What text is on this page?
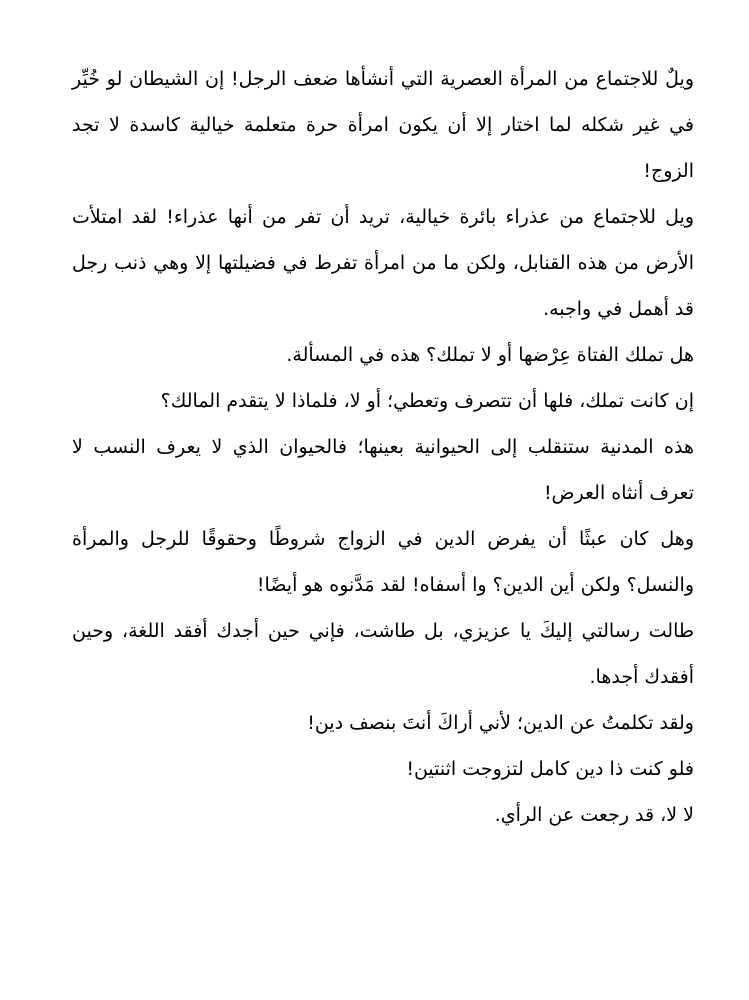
ويلٌ للاجتماع من المرأة العصرية التي أنشأها ضعف الرجل! إن الشيطان لو خُيِّر في غير شكله لما اختار إلا أن يكون امرأة حرة متعلمة خيالية كاسدة لا تجد الزوج!

ويل للاجتماع من عذراء بائرة خيالية، تريد أن تفر من أنها عذراء! لقد امتلأت الأرض من هذه القنابل، ولكن ما من امرأة تفرط في فضيلتها إلا وهي ذنب رجل قد أهمل في واجبه.

هل تملك الفتاة عِرْضها أو لا تملك؟ هذه في المسألة.

إن كانت تملك، فلها أن تتصرف وتعطي؛ أو لا، فلماذا لا يتقدم المالك؟

هذه المدنية ستنقلب إلى الحيوانية بعينها؛ فالحيوان الذي لا يعرف النسب لا تعرف أنثاه العرض!

وهل كان عبثًا أن يفرض الدين في الزواج شروطًا وحقوقًا للرجل والمرأة والنسل؟ ولكن أين الدين؟ وا أسفاه! لقد مَدَّنوه هو أيضًا!

طالت رسالتي إليكَ يا عزيزي، بل طاشت، فإني حين أجدك أفقد اللغة، وحين أفقدك أجدها.

ولقد تكلمتُ عن الدين؛ لأني أراكَ أنتَ بنصف دين!

فلو كنت ذا دين كامل لتزوجت اثنتين!

لا لا، قد رجعت عن الرأي.
